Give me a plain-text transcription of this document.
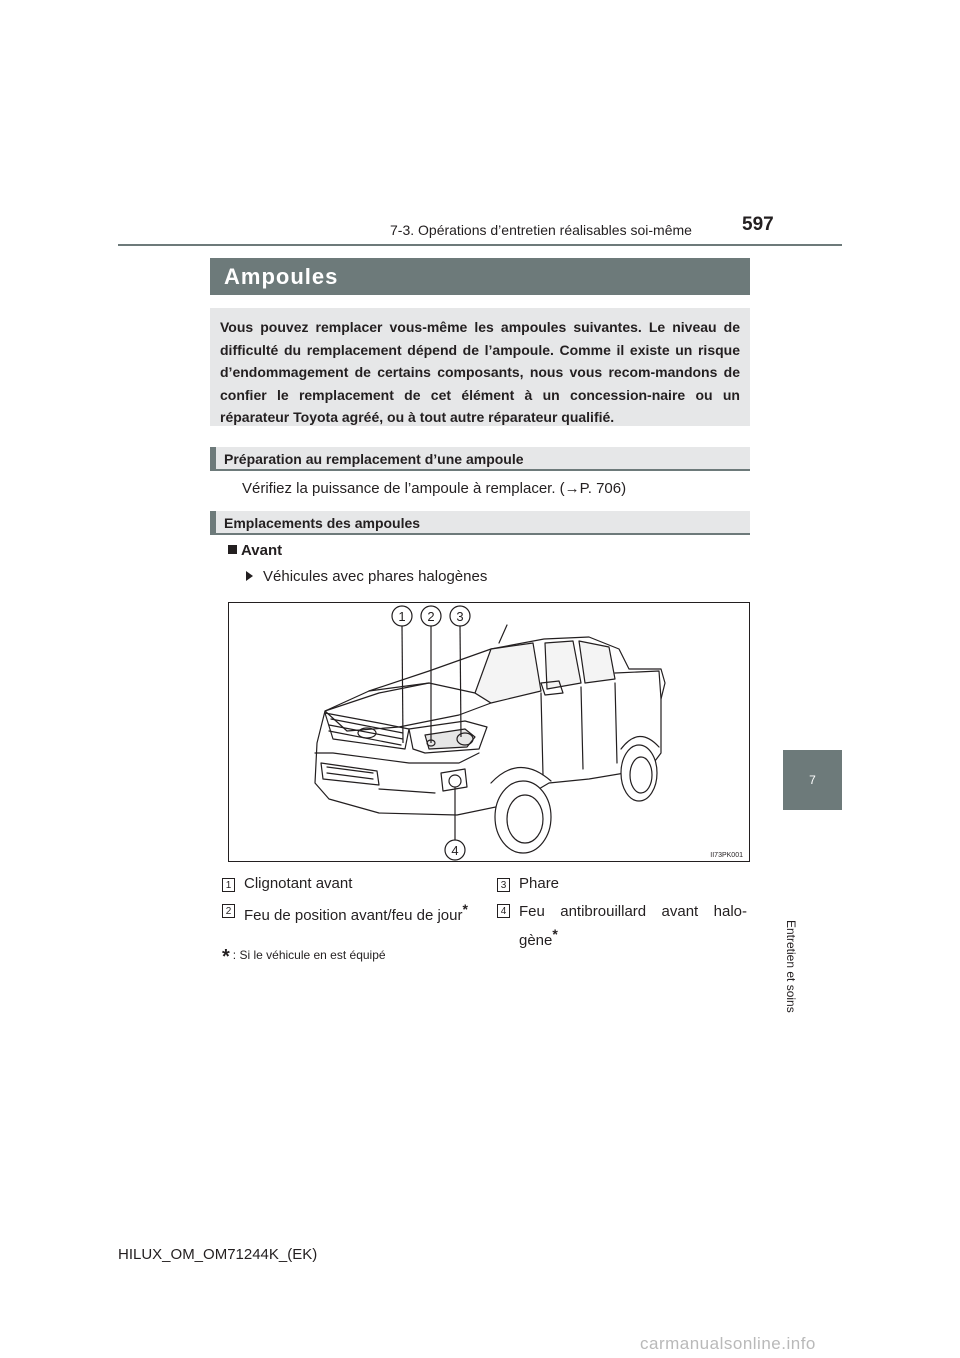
7-3. Opérations d’entretien réalisables soi-même	597
7
Entretien et soins
Ampoules
Vous pouvez remplacer vous-même les ampoules suivantes. Le niveau de difficulté du remplacement dépend de l’ampoule. Comme il existe un risque d’endommagement de certains composants, nous vous recom-mandons de confier le remplacement de cet élément à un concession-naire ou un réparateur Toyota agréé, ou à tout autre réparateur qualifié.
Préparation au remplacement d’une ampoule
Vérifiez la puissance de l’ampoule à remplacer. (→P. 706)
Emplacements des ampoules
Avant
Véhicules avec phares halogènes
1 2 3
4	II73PK001
1 Clignotant avant
2 Feu de position avant/feu de jour*
3 Phare
4 Feu antibrouillard avant halo-gène*
* : Si le véhicule en est équipé
HILUX_OM_OM71244K_(EK)
carmanualsonline.info
